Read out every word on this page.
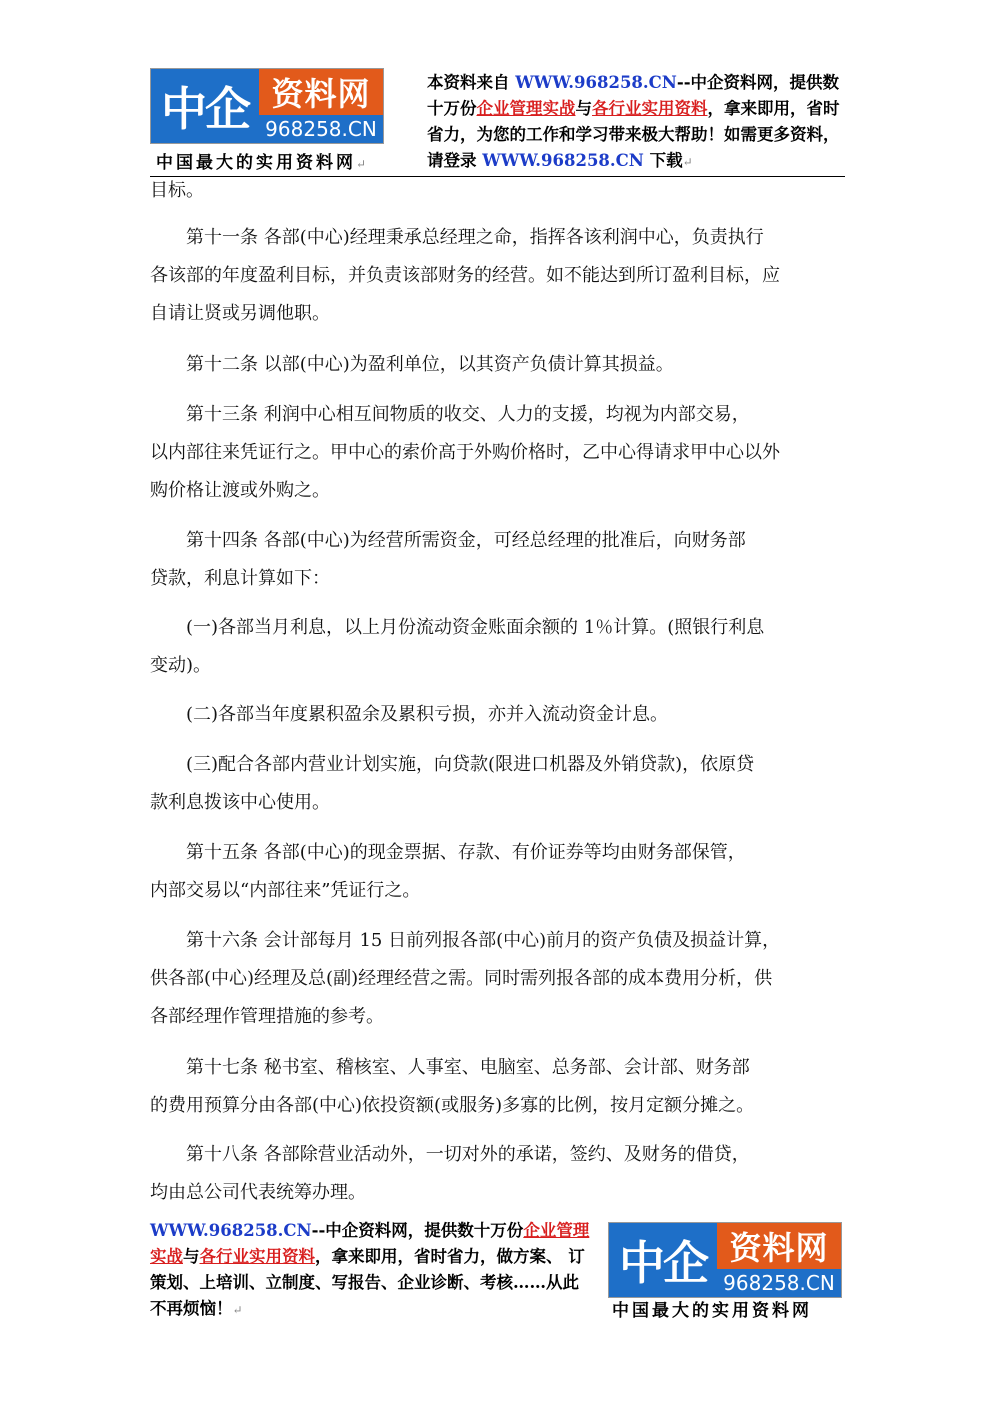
中企 资料网
968258.CN
中国最大的实用资料网↵
本资料来自 WWW.968258.CN--中企资料网，提供数十万份企业管理实战与各行业实用资料，拿来即用，省时省力，为您的工作和学习带来极大帮助！如需更多资料，请登录 WWW.968258.CN 下载↵
目标。
　　第十一条 各部(中心)经理秉承总经理之命，指挥各该利润中心，负责执行
各该部的年度盈利目标，并负责该部财务的经营。如不能达到所订盈利目标，应
自请让贤或另调他职。
　　第十二条 以部(中心)为盈利单位，以其资产负债计算其损益。
　　第十三条 利润中心相互间物质的收交、人力的支援，均视为内部交易，
以内部往来凭证行之。甲中心的索价高于外购价格时，乙中心得请求甲中心以外
购价格让渡或外购之。
　　第十四条 各部(中心)为经营所需资金，可经总经理的批准后，向财务部
贷款，利息计算如下：
　　(一)各部当月利息，以上月份流动资金账面余额的 1％计算。(照银行利息
变动)。
　　(二)各部当年度累积盈余及累积亏损，亦并入流动资金计息。
　　(三)配合各部内营业计划实施，向贷款(限进口机器及外销贷款)，依原贷
款利息拨该中心使用。
　　第十五条 各部(中心)的现金票据、存款、有价证券等均由财务部保管，
内部交易以“内部往来”凭证行之。
　　第十六条 会计部每月 15 日前列报各部(中心)前月的资产负债及损益计算，
供各部(中心)经理及总(副)经理经营之需。同时需列报各部的成本费用分析，供
各部经理作管理措施的参考。
　　第十七条 秘书室、稽核室、人事室、电脑室、总务部、会计部、财务部
的费用预算分由各部(中心)依投资额(或服务)多寡的比例，按月定额分摊之。
　　第十八条 各部除营业活动外，一切对外的承诺，签约、及财务的借贷，
均由总公司代表统筹办理。
WWW.968258.CN--中企资料网，提供数十万份企业管理实战与各行业实用资料，拿来即用，省时省力，做方案、 订策划、上培训、立制度、写报告、企业诊断、考核……从此不再烦恼！↵
中企 资料网
968258.CN
中国最大的实用资料网
